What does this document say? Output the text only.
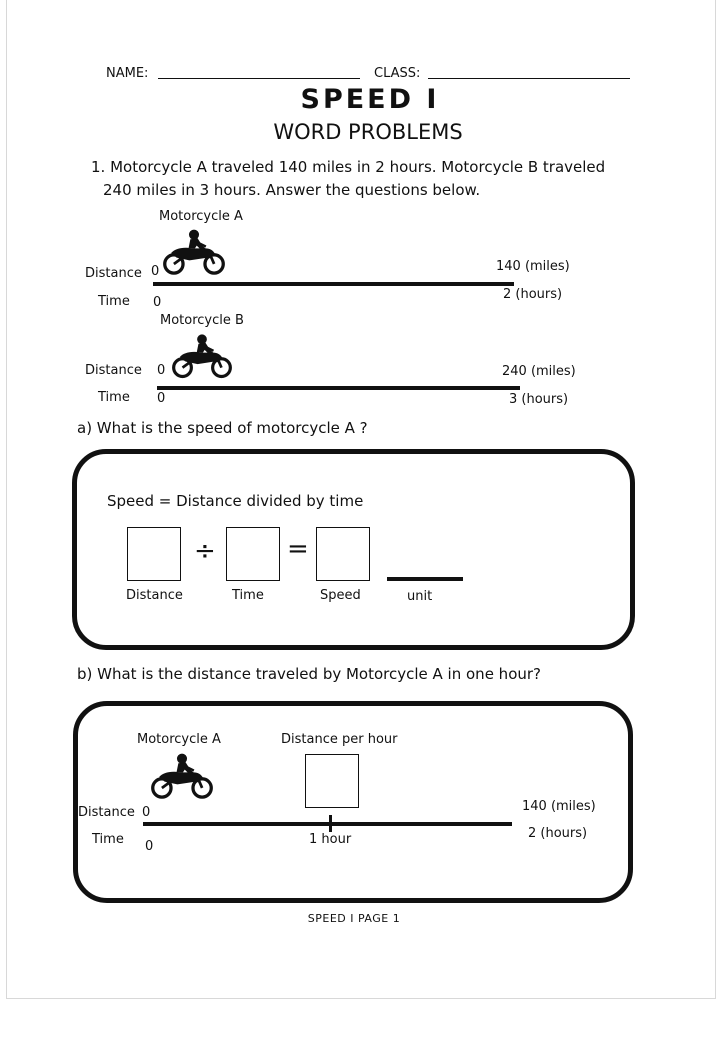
NAME:	CLASS:
SPEED I
WORD PROBLEMS
1. Motorcycle A traveled 140 miles in 2 hours. Motorcycle B traveled
240 miles in 3 hours. Answer the questions below.
Motorcycle A
Distance 0	140 (miles)
Time 0
2 (hours)
Motorcycle B
Distance 0	240 (miles)
Time 0	3 (hours)
a) What is the speed of motorcycle A ?
Speed = Distance divided by time
÷	=
Distance	Time	Speed	unit
b) What is the distance traveled by Motorcycle A in one hour?
Motorcycle A	Distance per hour
Distance 0	140 (miles)
Time 0	1 hour	2 (hours)
SPEED I PAGE 1
